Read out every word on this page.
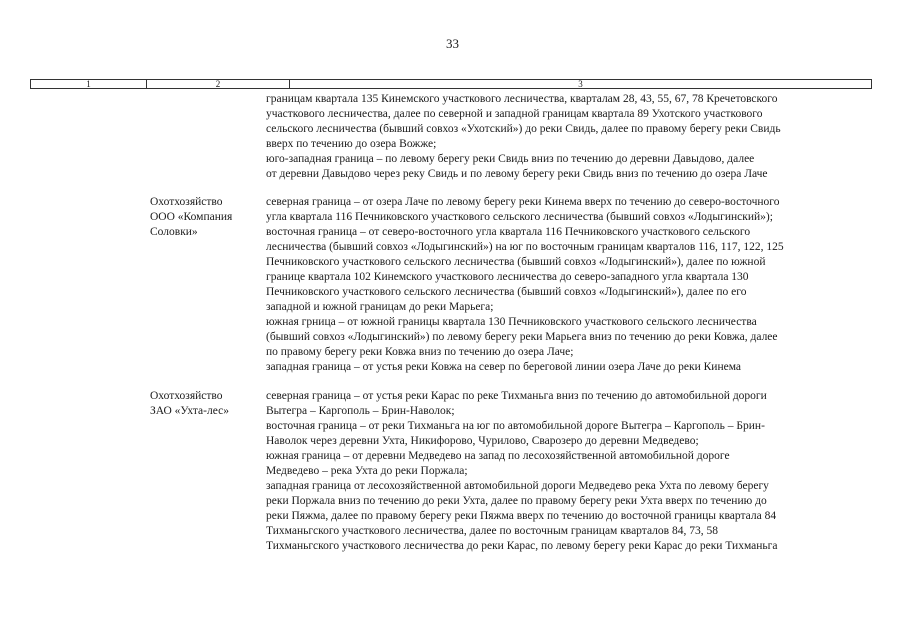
33
1	2	3
границам квартала 135 Кинемского участкового лесничества, кварталам 28, 43, 55, 67, 78 Кречетовского
участкового лесничества, далее по северной и западной границам квартала 89 Ухотского участкового
сельского лесничества (бывший совхоз «Ухотский») до реки Свидь, далее по правому берегу реки Свидь
вверх по течению до озера Вожже;
юго-западная граница – по левому берегу реки Свидь вниз по течению до деревни Давыдово, далее
от деревни Давыдово через реку Свидь и по левому берегу реки Свидь вниз по течению до озера Лаче
Охотхозяйство
ООО «Компания
Соловки»
северная граница – от озера Лаче по левому берегу реки Кинема вверх по течению до северо-восточного
угла квартала 116 Печниковского участкового сельского лесничества (бывший совхоз «Лодыгинский»);
восточная граница – от северо-восточного угла квартала 116 Печниковского участкового сельского
лесничества (бывший совхоз «Лодыгинский») на юг по восточным границам кварталов 116, 117, 122, 125
Печниковского участкового сельского лесничества (бывший совхоз «Лодыгинский»), далее по южной
границе квартала 102 Кинемского участкового лесничества до северо-западного угла квартала 130
Печниковского участкового сельского лесничества (бывший совхоз «Лодыгинский»), далее по его
западной и южной границам до реки Марьега;
южная грница – от южной границы квартала 130 Печниковского участкового сельского лесничества
(бывший совхоз «Лодыгинский») по левому берегу реки Марьега вниз по течению до реки Ковжа, далее
по правому берегу реки Ковжа вниз по течению до озера Лаче;
западная граница – от устья реки Ковжа на север по береговой линии озера Лаче до реки Кинема
Охотхозяйство
ЗАО «Ухта-лес»
северная граница – от устья реки Карас по реке Тихманьга вниз по течению до автомобильной дороги
Вытегра – Каргополь – Брин-Наволок;
восточная граница – от реки Тихманьга на юг по автомобильной дороге Вытегра – Каргополь – Брин-
Наволок через деревни Ухта, Никифорово, Чурилово, Сварозеро до деревни Медведево;
южная граница – от деревни Медведево на запад по лесохозяйственной автомобильной дороге
Медведево – река Ухта до реки Поржала;
западная граница от лесохозяйственной автомобильной дороги Медведево река Ухта по левому берегу
реки Поржала вниз по течению до реки Ухта, далее по правому берегу реки Ухта вверх по течению до
реки Пяжма, далее по правому берегу реки Пяжма вверх по течению до восточной границы квартала 84
Тихманьгского участкового лесничества, далее по восточным границам кварталов 84, 73, 58
Тихманьгского участкового лесничества до реки Карас, по левому берегу реки Карас до реки Тихманьга
